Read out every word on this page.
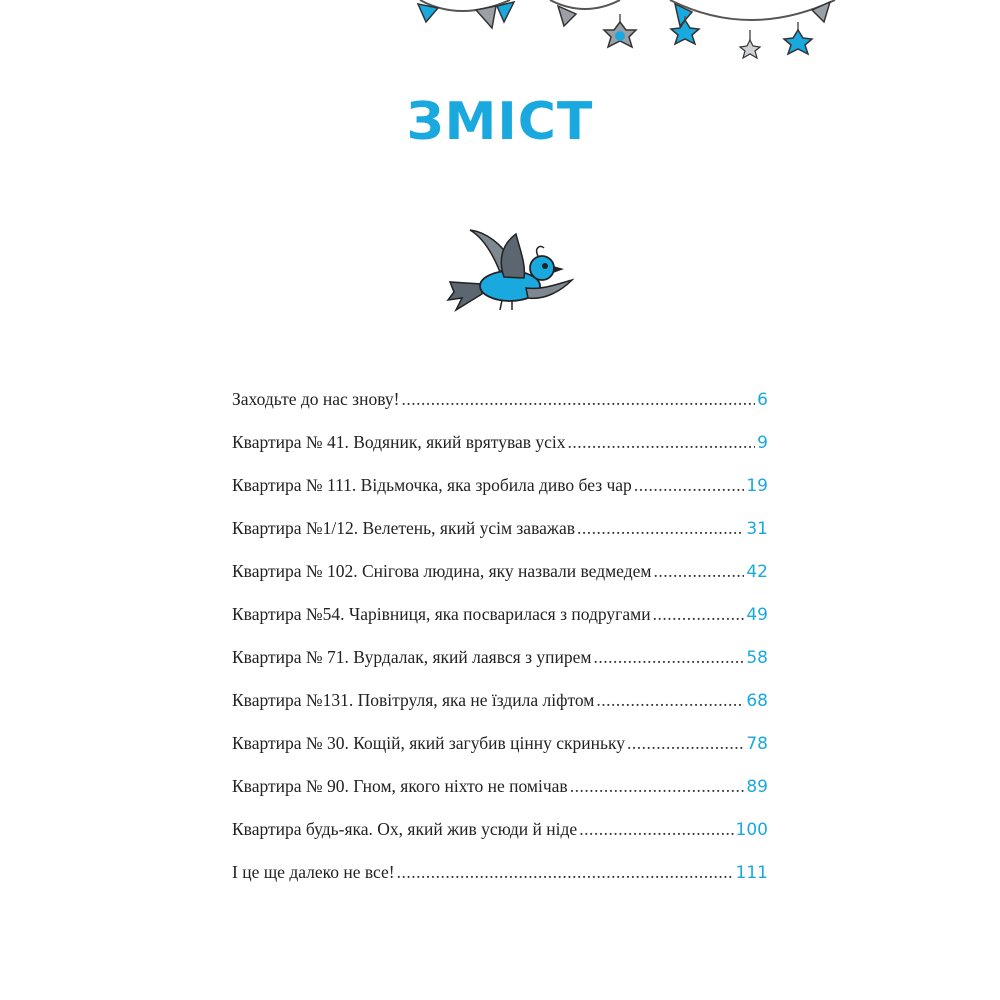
ЗМІСТ
Заходьте до нас знову! .....	6
Квартира № 41. Водяник, який врятував усіх .....	9
Квартира № 111. Відьмочка, яка зробила диво без чар .....	19
Квартира №1/12. Велетень, який усім заважав .....	31
Квартира № 102. Снігова людина, яку назвали ведмедем .....	42
Квартира №54. Чарівниця, яка посварилася з подругами .....	49
Квартира № 71. Вурдалак, який лаявся з упирем .....	58
Квартира №131. Повітруля, яка не їздила ліфтом .....	68
Квартира № 30. Кощій, який загубив цінну скриньку .....	78
Квартира № 90. Гном, якого ніхто не помічав .....	89
Квартира будь-яка. Ох, який жив усюди й ніде .....	100
І це ще далеко не все! .....	111
